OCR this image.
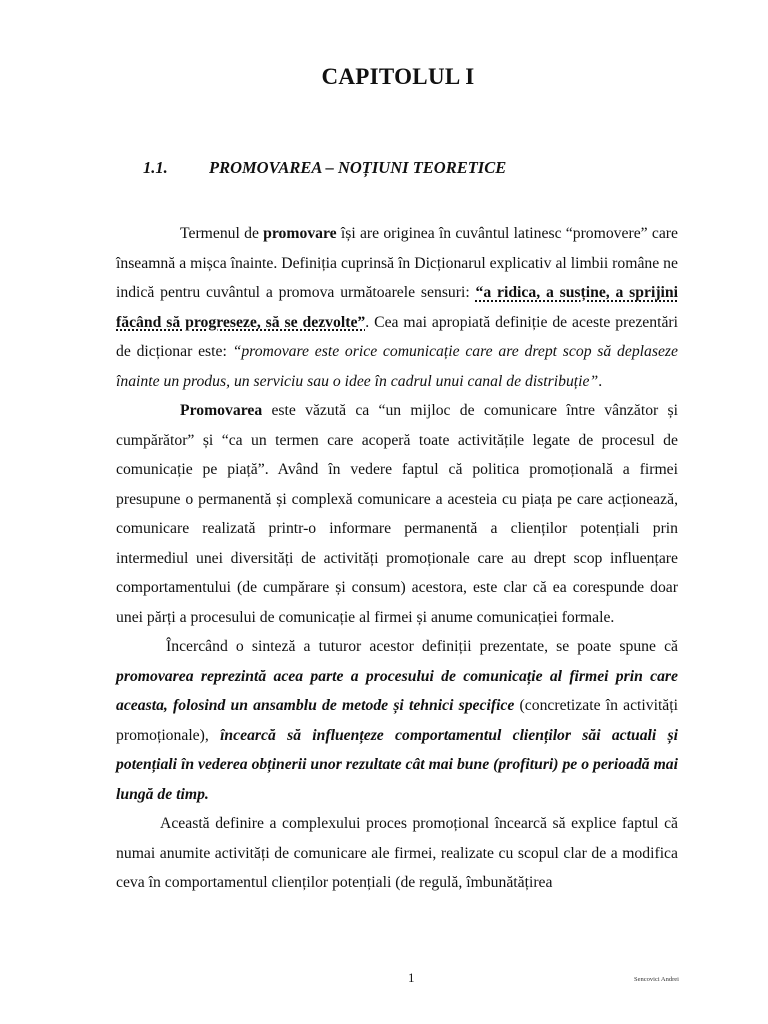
CAPITOLUL I
1.1.	PROMOVAREA – NOȚIUNI TEORETICE

Termenul de promovare își are originea în cuvântul latinesc “promovere” care înseamnă a mișca înainte. Definiția cuprinsă în Dicționarul explicativ al limbii române ne indică pentru cuvântul a promova următoarele sensuri: “a ridica, a susține, a sprijini făcând să progreseze, să se dezvolte”. Cea mai apropiată definiție de aceste prezentări de dicționar este: “promovare este orice comunicație care are drept scop să deplaseze înainte un produs, un serviciu sau o idee în cadrul unui canal de distribuție”.

Promovarea este văzută ca “un mijloc de comunicare între vânzător și cumpărător” și “ca un termen care acoperă toate activitățile legate de procesul de comunicație pe piață”. Având în vedere faptul că politica promoțională a firmei presupune o permanentă și complexă comunicare a acesteia cu piața pe care acționează, comunicare realizată printr-o informare permanentă a clienților potențiali prin intermediul unei diversități de activități promoționale care au drept scop influențare comportamentului (de cumpărare și consum) acestora, este clar că ea corespunde doar unei părți a procesului de comunicație al firmei și anume comunicației formale.

Încercând o sinteză a tuturor acestor definiții prezentate, se poate spune că promovarea reprezintă acea parte a procesului de comunicație al firmei prin care aceasta, folosind un ansamblu de metode și tehnici specifice (concretizate în activități promoționale), încearcă să influențeze comportamentul clienților săi actuali și potențiali în vederea obținerii unor rezultate cât mai bune (profituri) pe o perioadă mai lungă de timp.

Această definire a complexului proces promoțional încearcă să explice faptul că numai anumite activități de comunicare ale firmei, realizate cu scopul clar de a modifica ceva în comportamentul clienților potențiali (de regulă, îmbunătățirea

1	Sencovici Andrei
